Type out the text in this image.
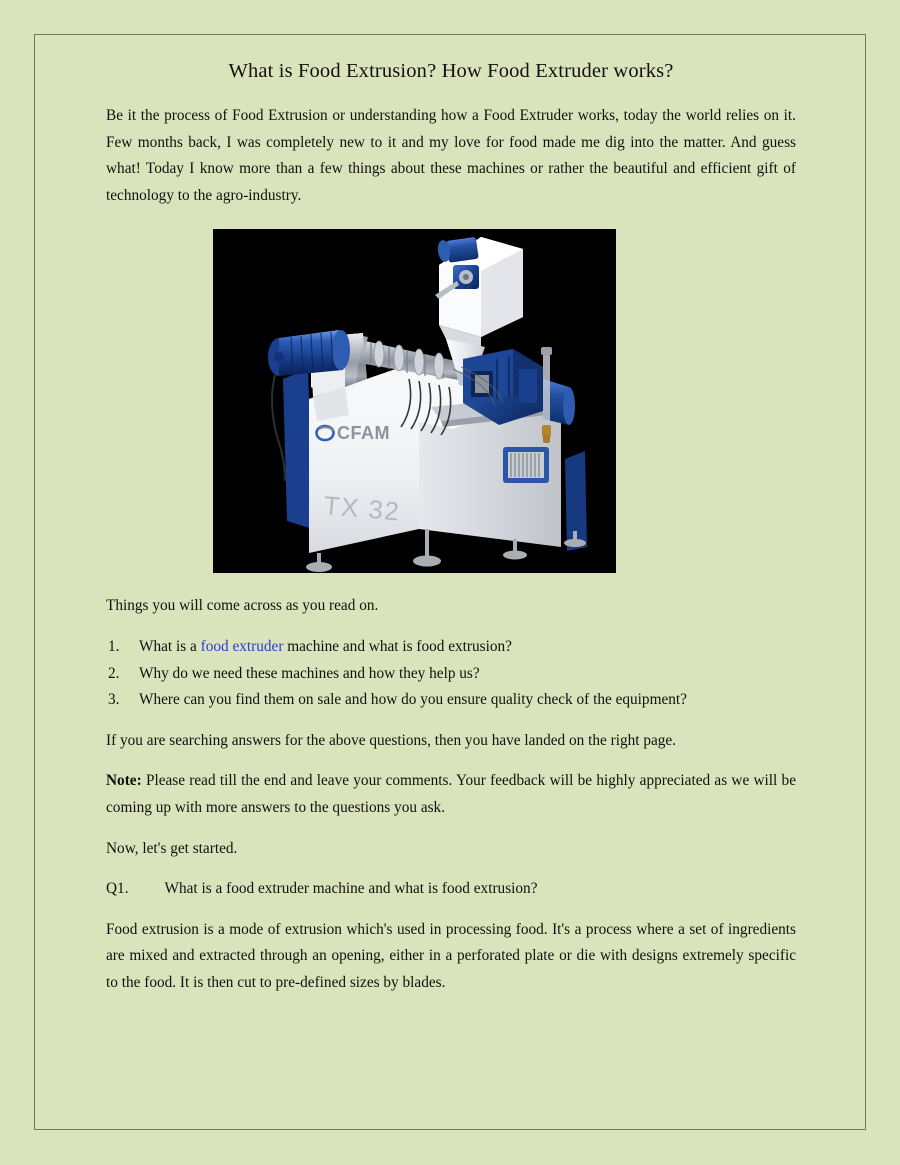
What is Food Extrusion? How Food Extruder works?

Be it the process of Food Extrusion or understanding how a Food Extruder works, today the world relies on it. Few months back, I was completely new to it and my love for food made me dig into the matter. And guess what! Today I know more than a few things about these machines or rather the beautiful and efficient gift of technology to the agro-industry.

CFAM
TX 32

Things you will come across as you read on.

What is a food extruder machine and what is food extrusion?
Why do we need these machines and how they help us?
Where can you find them on sale and how do you ensure quality check of the equipment?

If you are searching answers for the above questions, then you have landed on the right page.

Note: Please read till the end and leave your comments. Your feedback will be highly appreciated as we will be coming up with more answers to the questions you ask.

Now, let's get started.

Q1. What is a food extruder machine and what is food extrusion?

Food extrusion is a mode of extrusion which's used in processing food. It's a process where a set of ingredients are mixed and extracted through an opening, either in a perforated plate or die with designs extremely specific to the food. It is then cut to pre-defined sizes by blades.
